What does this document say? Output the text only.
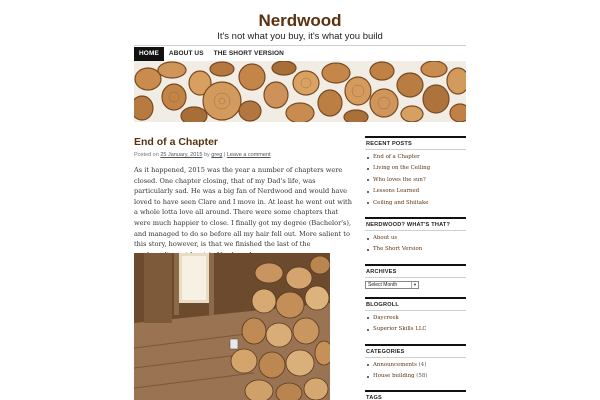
Nerdwood
It's not what you buy, it's what you build
HOME	ABOUT US	THE SHORT VERSION
End of a Chapter
Posted on 25 January, 2015 by greg | Leave a comment
As it happened, 2015 was the year a number of chapters were closed. One chapter closing, that of my Dad's life, was particularly sad. He was a big fan of Nerdwood and would have loved to have seen Clare and I move in. At least he went out with a whole lotta love all around. There were some chapters that were much happier to close. I finally got my degree (Bachelor's), and managed to do so before all my hair fell out. More salient to this story, however, is that we finished the last of the
RECENT POSTS
End of a Chapter
Living on the Ceiling
Who loves the sun?
Lessons Learned
Ceiling and Shiitake
NERDWOOD? WHAT'S THAT?
About us
The Short Version
ARCHIVES
Select Month	▼
BLOGROLL
Daycreek
Superior Skills LLC
CATEGORIES
Announcements (4)
House building (58)
TAGS
